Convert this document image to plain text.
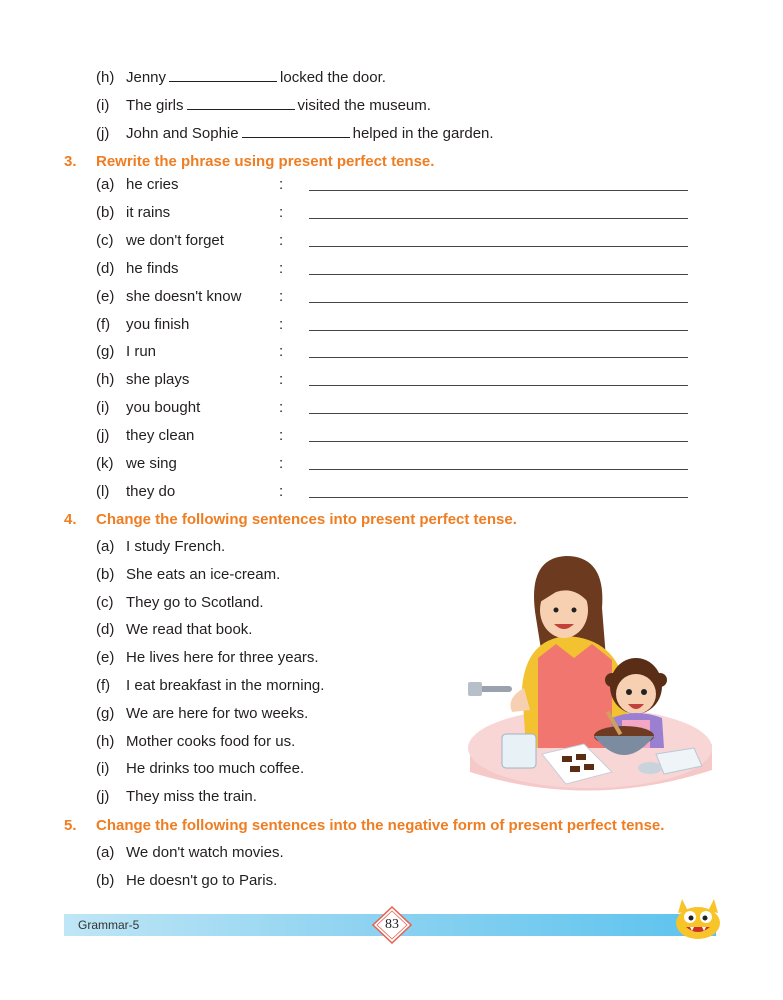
(h) Jenny	locked the door.
(i) The girls	visited the museum.
(j) John and Sophie	helped in the garden.
3. Rewrite the phrase using present perfect tense.
(a) he cries	:
(b) it rains	:
(c) we don't forget	:
(d) he finds	:
(e) she doesn't know	:
(f) you finish	:
(g) I run	:
(h) she plays	:
(i) you bought	:
(j) they clean	:
(k) we sing	:
(l) they do	:
4. Change the following sentences into present perfect tense.
(a) I study French.
(b) She eats an ice-cream.
(c) They go to Scotland.
(d) We read that book.
(e) He lives here for three years.
(f) I eat breakfast in the morning.
(g) We are here for two weeks.
(h) Mother cooks food for us.
(i) He drinks too much coffee.
(j) They miss the train.
5. Change the following sentences into the negative form of present perfect tense.
(a) We don't watch movies.
(b) He doesn't go to Paris.
Grammar-5	83
